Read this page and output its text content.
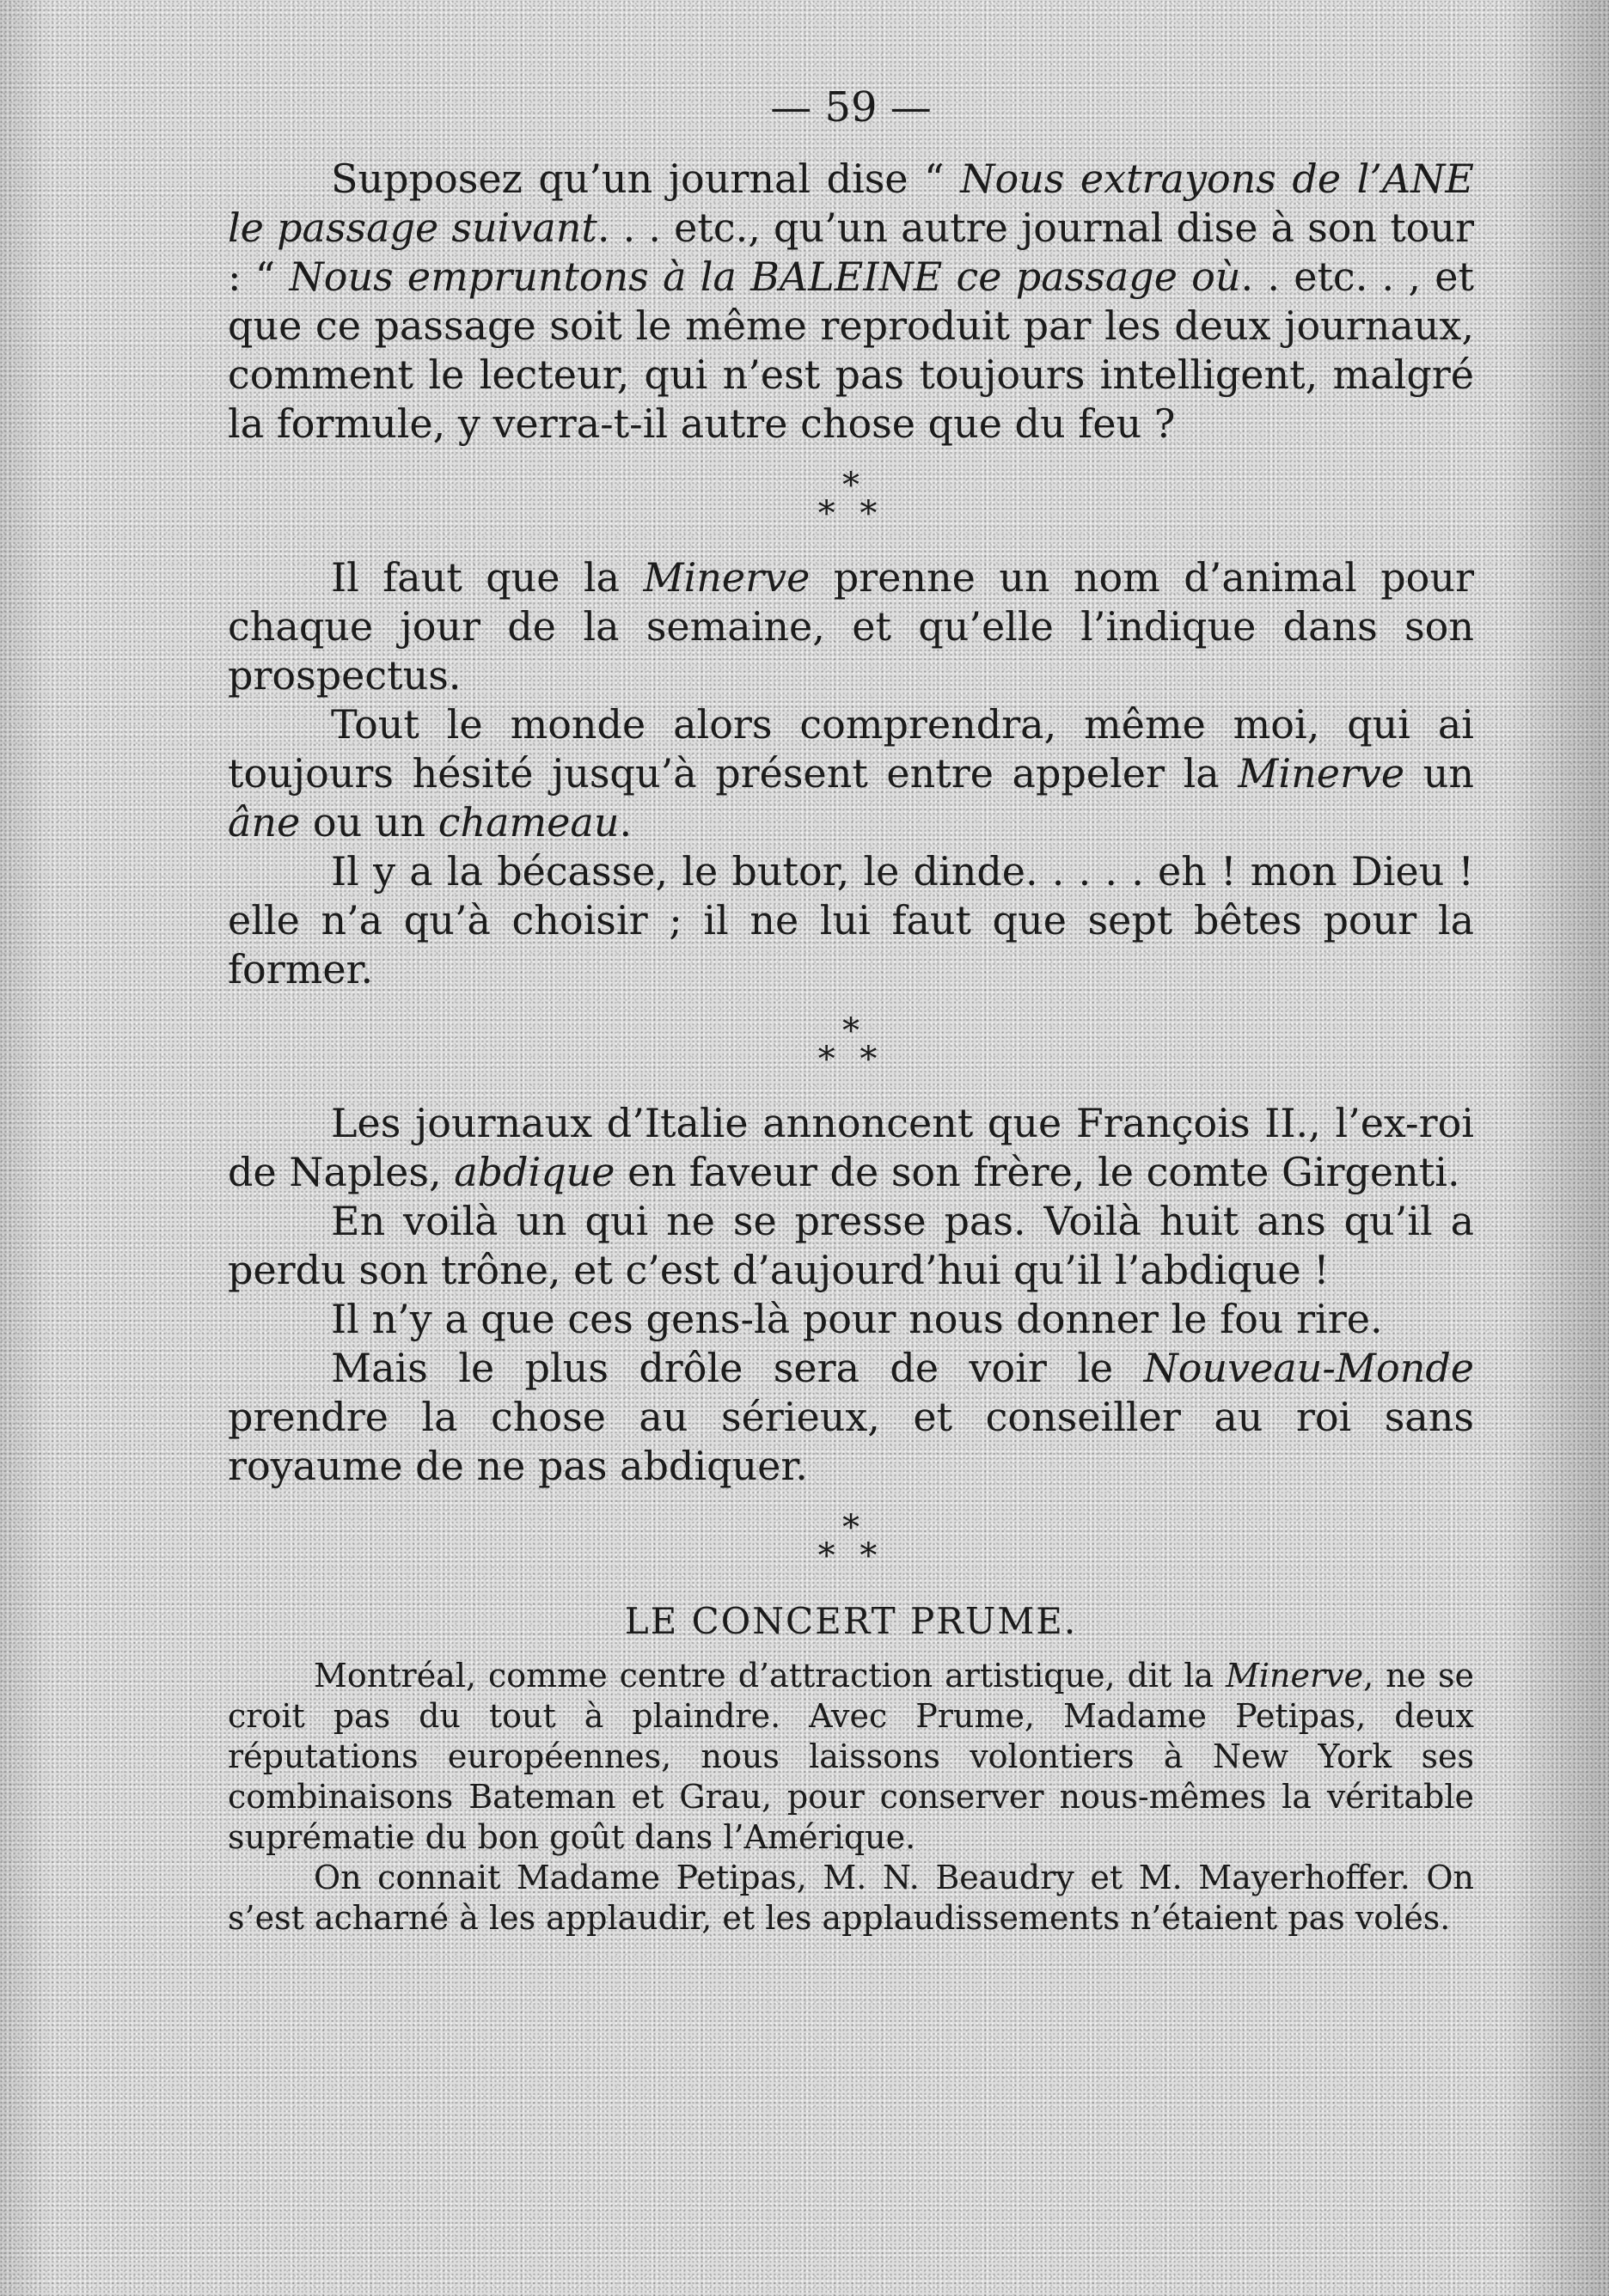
— 59 —

Supposez qu’un journal dise “ Nous extrayons de l’ANE le passage suivant. . . etc., qu’un autre journal dise à son tour : “ Nous empruntons à la BALEINE ce passage où. . etc. . , et que ce passage soit le même reproduit par les deux journaux, comment le lecteur, qui n’est pas toujours intelligent, malgré la formule, y verra-t-il autre chose que du feu ?

*
* *

Il faut que la Minerve prenne un nom d’animal pour chaque jour de la semaine, et qu’elle l’indique dans son prospectus.

Tout le monde alors comprendra, même moi, qui ai toujours hésité jusqu’à présent entre appeler la Minerve un âne ou un chameau.

Il y a la bécasse, le butor, le dinde. . . . . eh ! mon Dieu ! elle n’a qu’à choisir ; il ne lui faut que sept bêtes pour la former.

*
* *

Les journaux d’Italie annoncent que François II., l’ex-roi de Naples, abdique en faveur de son frère, le comte Girgenti.

En voilà un qui ne se presse pas. Voilà huit ans qu’il a perdu son trône, et c’est d’aujourd’hui qu’il l’abdique !

Il n’y a que ces gens-là pour nous donner le fou rire.

Mais le plus drôle sera de voir le Nouveau-Monde prendre la chose au sérieux, et conseiller au roi sans royaume de ne pas abdiquer.

*
* *
LE CONCERT PRUME.

Montréal, comme centre d’attraction artistique, dit la Minerve, ne se croit pas du tout à plaindre. Avec Prume, Madame Petipas, deux réputations européennes, nous laissons volontiers à New York ses combinaisons Bateman et Grau, pour conserver nous-mêmes la véritable suprématie du bon goût dans l’Amérique.

On connait Madame Petipas, M. N. Beaudry et M. Mayerhoffer. On s’est acharné à les applaudir, et les applaudissements n’étaient pas volés.
